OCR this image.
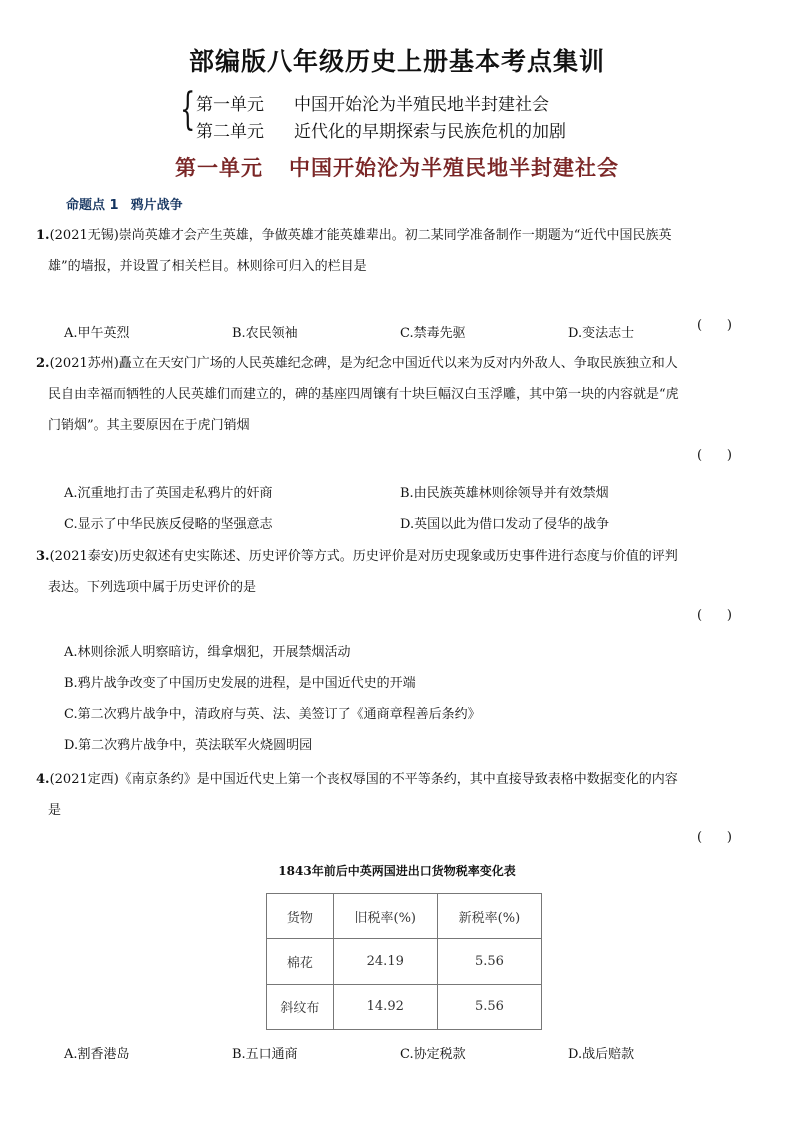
部编版八年级历史上册基本考点集训
{ 第一单元 中国开始沦为半殖民地半封建社会
第二单元 近代化的早期探索与民族危机的加剧
第一单元 中国开始沦为半殖民地半封建社会
命题点 1 鸦片战争
1.(2021无锡)崇尚英雄才会产生英雄，争做英雄才能英雄辈出。初二某同学准备制作一期题为“近代中国民族英
雄”的墙报，并设置了相关栏目。林则徐可归入的栏目是
(      )
A.甲午英烈	B.农民领袖	C.禁毒先驱	D.变法志士
2.(2021苏州)矗立在天安门广场的人民英雄纪念碑，是为纪念中国近代以来为反对内外敌人、争取民族独立和人
民自由幸福而牺牲的人民英雄们而建立的，碑的基座四周镶有十块巨幅汉白玉浮雕，其中第一块的内容就是“虎
门销烟”。其主要原因在于虎门销烟
(      )
A.沉重地打击了英国走私鸦片的奸商	B.由民族英雄林则徐领导并有效禁烟
C.显示了中华民族反侵略的坚强意志	D.英国以此为借口发动了侵华的战争
3.(2021泰安)历史叙述有史实陈述、历史评价等方式。历史评价是对历史现象或历史事件进行态度与价值的评判
表达。下列选项中属于历史评价的是
(      )
A.林则徐派人明察暗访，缉拿烟犯，开展禁烟活动
B.鸦片战争改变了中国历史发展的进程，是中国近代史的开端
C.第二次鸦片战争中，清政府与英、法、美签订了《通商章程善后条约》
D.第二次鸦片战争中，英法联军火烧圆明园
4.(2021定西)《南京条约》是中国近代史上第一个丧权辱国的不平等条约，其中直接导致表格中数据变化的内容
是
(      )
1843年前后中英两国进出口货物税率变化表
货物	旧税率(%)	新税率(%)
棉花	24.19	5.56
斜纹布	14.92	5.56
A.割香港岛	B.五口通商	C.协定税款	D.战后赔款
